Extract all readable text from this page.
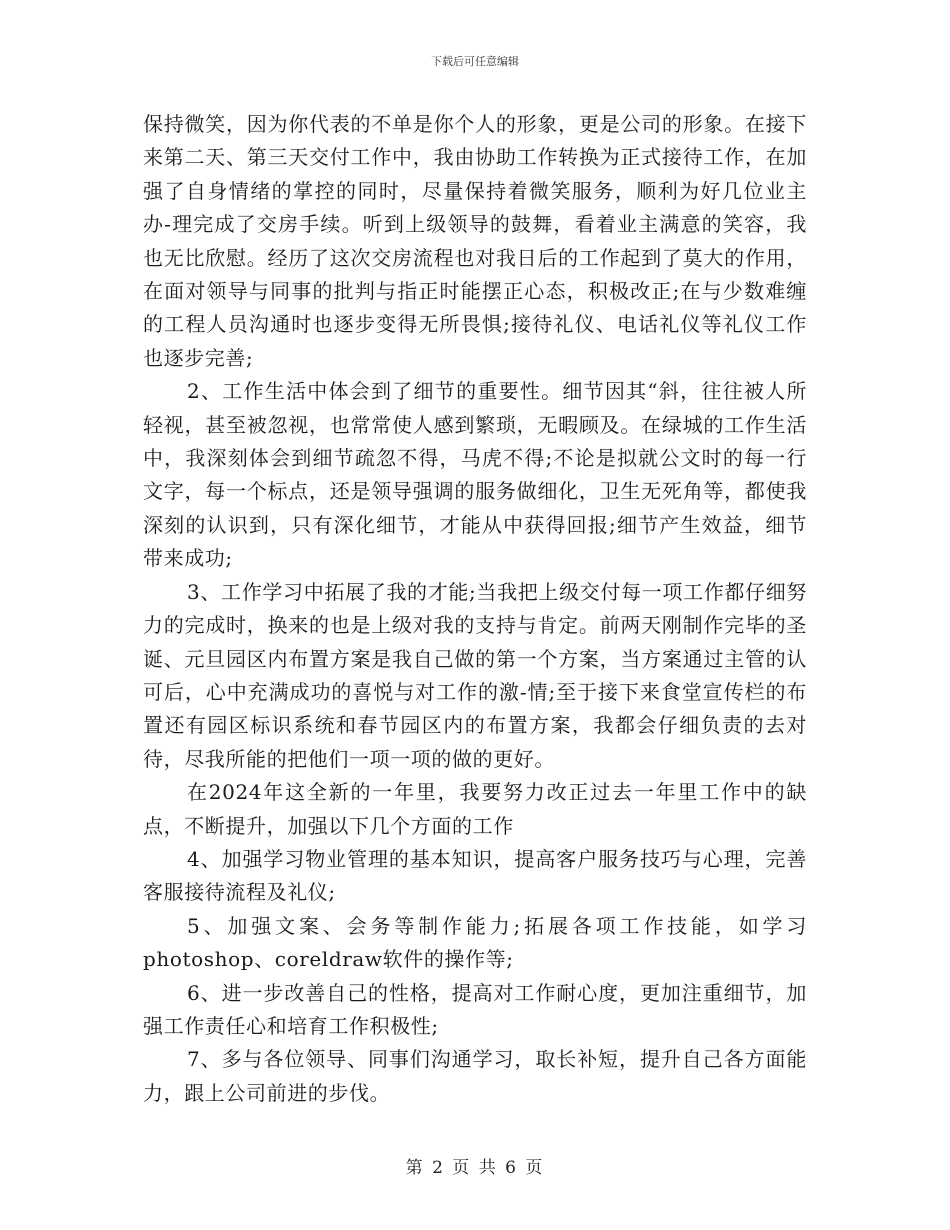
下载后可任意编辑

保持微笑，因为你代表的不单是你个人的形象，更是公司的形象。在接下来第二天、第三天交付工作中，我由协助工作转换为正式接待工作，在加强了自身情绪的掌控的同时，尽量保持着微笑服务，顺利为好几位业主办-理完成了交房手续。听到上级领导的鼓舞，看着业主满意的笑容，我也无比欣慰。经历了这次交房流程也对我日后的工作起到了莫大的作用，在面对领导与同事的批判与指正时能摆正心态，积极改正;在与少数难缠的工程人员沟通时也逐步变得无所畏惧;接待礼仪、电话礼仪等礼仪工作也逐步完善;

2、工作生活中体会到了细节的重要性。细节因其“斜，往往被人所轻视，甚至被忽视，也常常使人感到繁琐，无暇顾及。在绿城的工作生活中，我深刻体会到细节疏忽不得，马虎不得;不论是拟就公文时的每一行文字，每一个标点，还是领导强调的服务做细化，卫生无死角等，都使我深刻的认识到，只有深化细节，才能从中获得回报;细节产生效益，细节带来成功;

3、工作学习中拓展了我的才能;当我把上级交付每一项工作都仔细努力的完成时，换来的也是上级对我的支持与肯定。前两天刚制作完毕的圣诞、元旦园区内布置方案是我自己做的第一个方案，当方案通过主管的认可后，心中充满成功的喜悦与对工作的激-情;至于接下来食堂宣传栏的布置还有园区标识系统和春节园区内的布置方案，我都会仔细负责的去对待，尽我所能的把他们一项一项的做的更好。

在2024年这全新的一年里，我要努力改正过去一年里工作中的缺点，不断提升，加强以下几个方面的工作

4、加强学习物业管理的基本知识，提高客户服务技巧与心理，完善客服接待流程及礼仪;

5、加强文案、会务等制作能力;拓展各项工作技能，如学习photoshop、coreldraw软件的操作等;

6、进一步改善自己的性格，提高对工作耐心度，更加注重细节，加强工作责任心和培育工作积极性;

7、多与各位领导、同事们沟通学习，取长补短，提升自己各方面能力，跟上公司前进的步伐。

第 2 页 共 6 页
